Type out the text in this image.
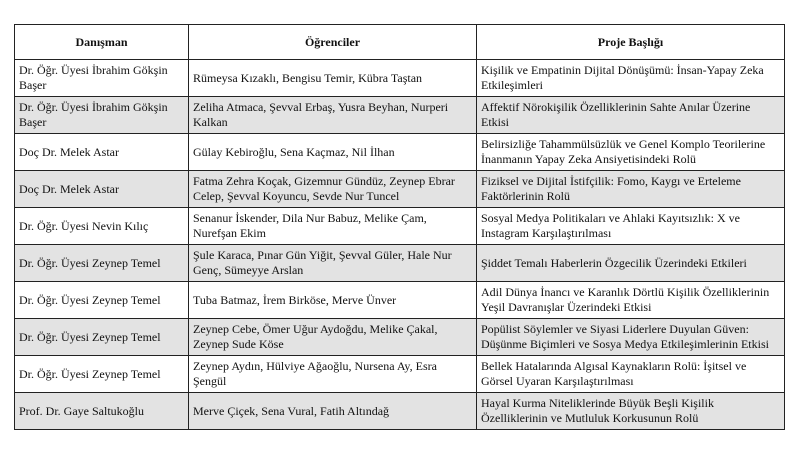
Danışman	Öğrenciler	Proje Başlığı
Dr. Öğr. Üyesi İbrahim Gökşin Başer	Rümeysa Kızaklı, Bengisu Temir, Kübra Taştan	Kişilik ve Empatinin Dijital Dönüşümü: İnsan-Yapay Zeka Etkileşimleri
Dr. Öğr. Üyesi İbrahim Gökşin Başer	Zeliha Atmaca, Şevval Erbaş, Yusra Beyhan, Nurperi Kalkan	Affektif Nörokişilik Özelliklerinin Sahte Anılar Üzerine Etkisi
Doç Dr. Melek Astar	Gülay Kebiroğlu, Sena Kaçmaz, Nil İlhan	Belirsizliğe Tahammülsüzlük ve Genel Komplo Teorilerine İnanmanın Yapay Zeka Ansiyetisindeki Rolü
Doç Dr. Melek Astar	Fatma Zehra Koçak, Gizemnur Gündüz, Zeynep Ebrar Celep, Şevval Koyuncu, Sevde Nur Tuncel	Fiziksel ve Dijital İstifçilik: Fomo, Kaygı ve Erteleme Faktörlerinin Rolü
Dr. Öğr. Üyesi Nevin Kılıç	Senanur İskender, Dila Nur Babuz, Melike Çam, Nurefşan Ekim	Sosyal Medya Politikaları ve Ahlaki Kayıtsızlık: X ve Instagram Karşılaştırılması
Dr. Öğr. Üyesi Zeynep Temel	Şule Karaca, Pınar Gün Yiğit, Şevval Güler, Hale Nur Genç, Sümeyye Arslan	Şiddet Temalı Haberlerin Özgecilik Üzerindeki Etkileri
Dr. Öğr. Üyesi Zeynep Temel	Tuba Batmaz, İrem Birköse, Merve Ünver	Adil Dünya İnancı ve Karanlık Dörtlü Kişilik Özelliklerinin Yeşil Davranışlar Üzerindeki Etkisi
Dr. Öğr. Üyesi Zeynep Temel	Zeynep Cebe, Ömer Uğur Aydoğdu, Melike Çakal, Zeynep Sude Köse	Popülist Söylemler ve Siyasi Liderlere Duyulan Güven: Düşünme Biçimleri ve Sosya Medya Etkileşimlerinin Etkisi
Dr. Öğr. Üyesi Zeynep Temel	Zeynep Aydın, Hülviye Ağaoğlu, Nursena Ay, Esra Şengül	Bellek Hatalarında Algısal Kaynakların Rolü: İşitsel ve Görsel Uyaran Karşılaştırılması
Prof. Dr. Gaye Saltukoğlu	Merve Çiçek, Sena Vural, Fatih Altındağ	Hayal Kurma Niteliklerinde Büyük Beşli Kişilik Özelliklerinin ve Mutluluk Korkusunun Rolü
